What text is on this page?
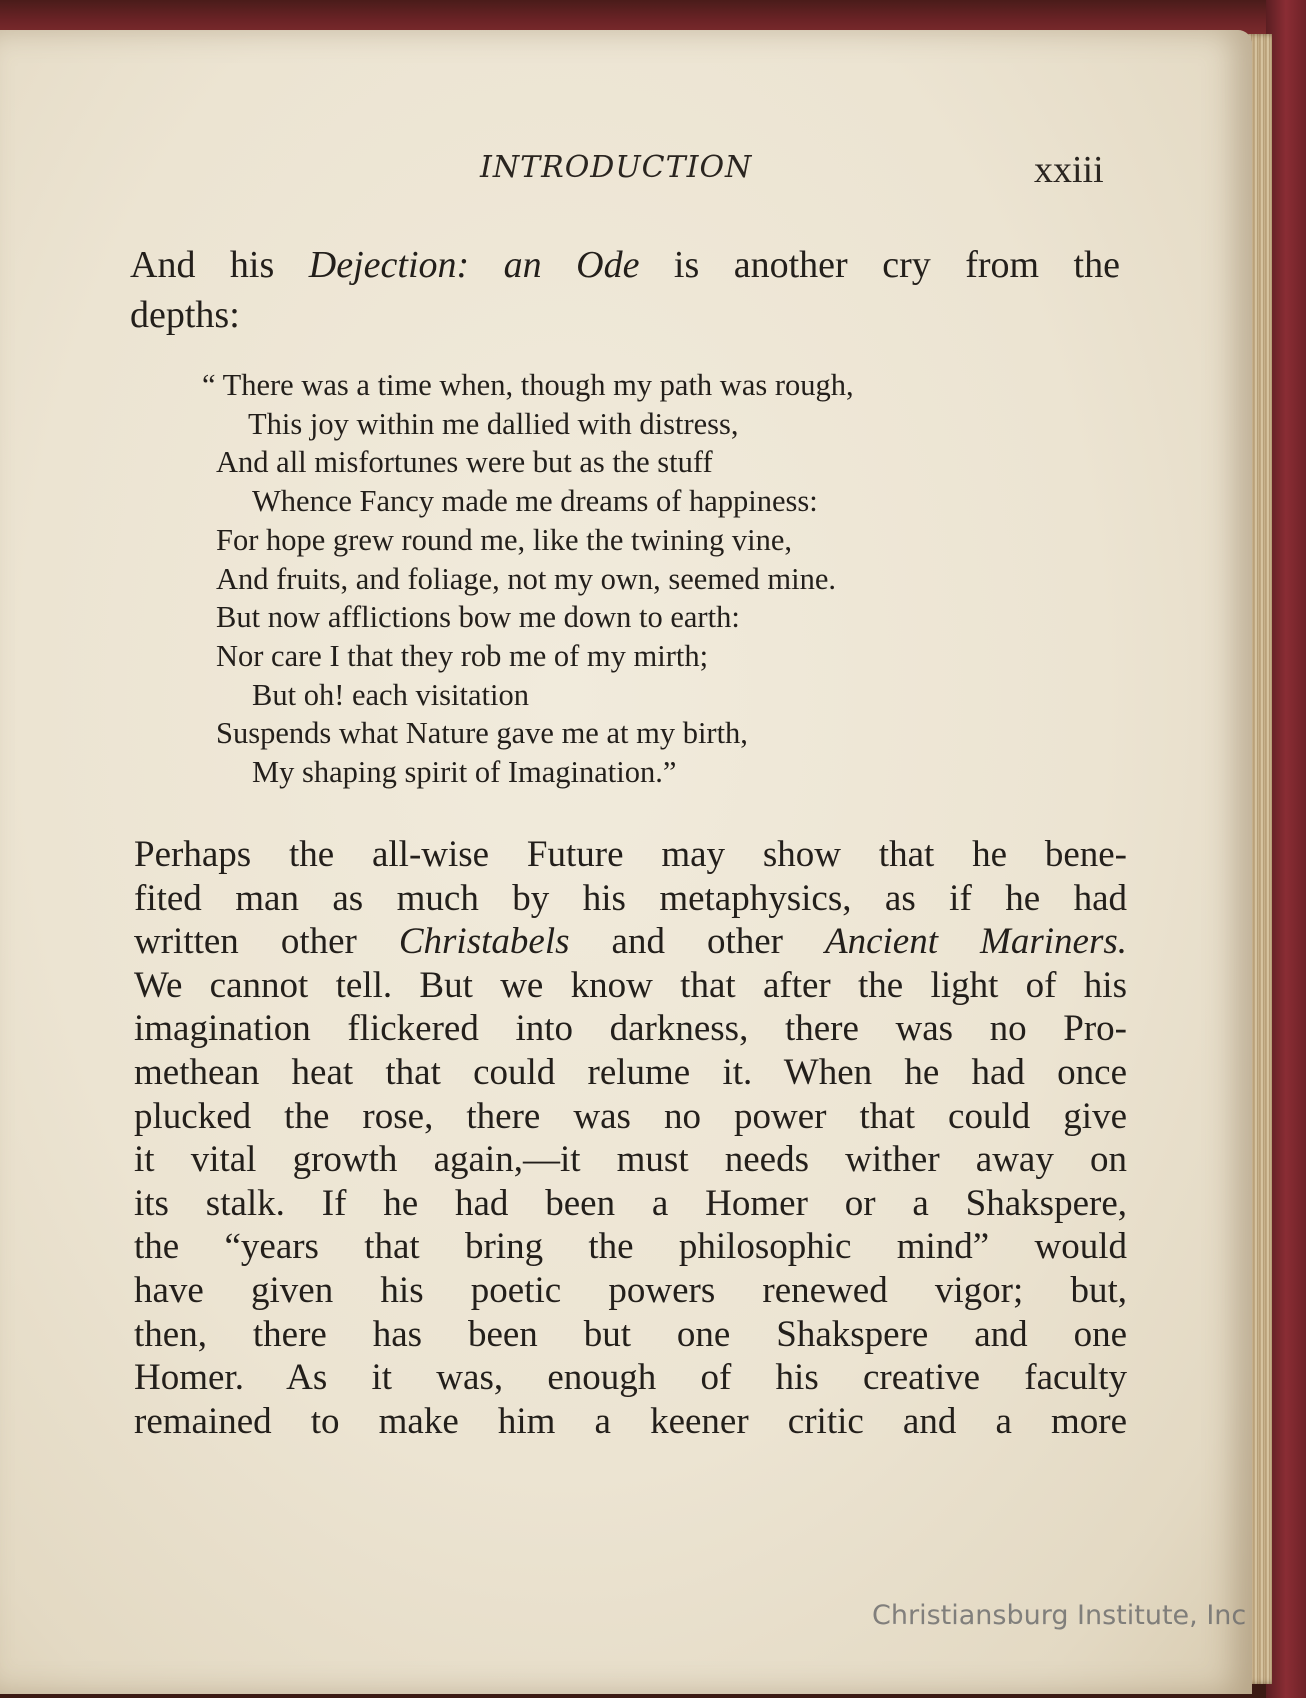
INTRODUCTION	xxiii

And his Dejection: an Ode is another cry from the
depths:

“ There was a time when, though my path was rough,
This joy within me dallied with distress,
And all misfortunes were but as the stuff
Whence Fancy made me dreams of happiness:
For hope grew round me, like the twining vine,
And fruits, and foliage, not my own, seemed mine.
But now afflictions bow me down to earth:
Nor care I that they rob me of my mirth;
But oh! each visitation
Suspends what Nature gave me at my birth,
My shaping spirit of Imagination.”

Perhaps the all-wise Future may show that he bene-
fited man as much by his metaphysics, as if he had
written other Christabels and other Ancient Mariners.
We cannot tell. But we know that after the light of his
imagination flickered into darkness, there was no Pro-
methean heat that could relume it. When he had once
plucked the rose, there was no power that could give
it vital growth again,—it must needs wither away on
its stalk. If he had been a Homer or a Shakspere,
the “years that bring the philosophic mind” would
have given his poetic powers renewed vigor; but,
then, there has been but one Shakspere and one
Homer. As it was, enough of his creative faculty
remained to make him a keener critic and a more

Christiansburg Institute, Inc
